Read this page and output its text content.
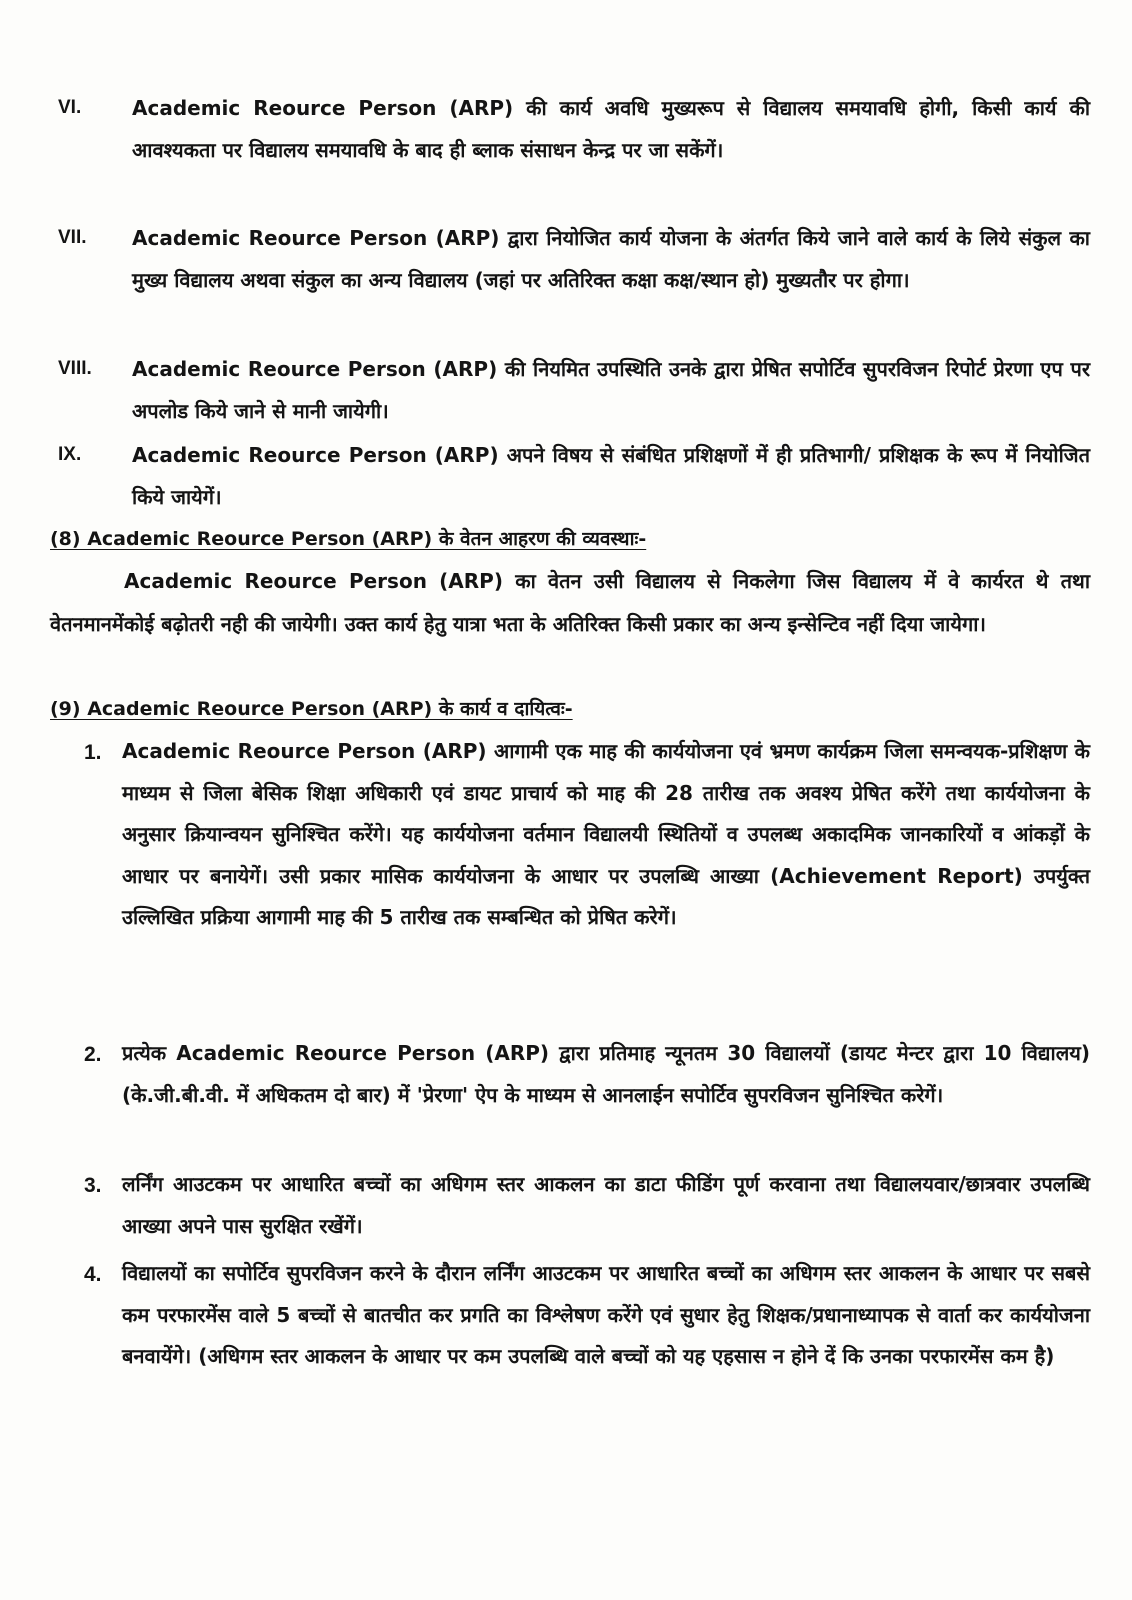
VI.	Academic Reource Person (ARP) की कार्य अवधि मुख्यरूप से विद्यालय समयावधि होगी, किसी कार्य की आवश्यकता पर विद्यालय समयावधि के बाद ही ब्लाक संसाधन केन्द्र पर जा सकेंगें।
VII.	Academic Reource Person (ARP) द्वारा नियोजित कार्य योजना के अंतर्गत किये जाने वाले कार्य के लिये संकुल का मुख्य विद्यालय अथवा संकुल का अन्य विद्यालय (जहां पर अतिरिक्त कक्षा कक्ष/स्थान हो) मुख्यतौर पर होगा।
VIII.	Academic Reource Person (ARP) की नियमित उपस्थिति उनके द्वारा प्रेषित सपोर्टिव सुपरविजन रिपोर्ट प्रेरणा एप पर अपलोड किये जाने से मानी जायेगी।
IX.	Academic Reource Person (ARP) अपने विषय से संबंधित प्रशिक्षणों में ही प्रतिभागी/ प्रशिक्षक के रूप में नियोजित किये जायेगें।
(8) Academic Reource Person (ARP) के वेतन आहरण की व्यवस्थाः-
Academic Reource Person (ARP) का वेतन उसी विद्यालय से निकलेगा जिस विद्यालय में वे कार्यरत थे तथा वेतनमानमेंकोई बढ़ोतरी नही की जायेगी। उक्त कार्य हेतु यात्रा भता के अतिरिक्त किसी प्रकार का अन्य इन्सेन्टिव नहीं दिया जायेगा।
(9) Academic Reource Person (ARP) के कार्य व दायित्वः-
1.	Academic Reource Person (ARP) आगामी एक माह की कार्ययोजना एवं भ्रमण कार्यक्रम जिला समन्वयक-प्रशिक्षण के माध्यम से जिला बेसिक शिक्षा अधिकारी एवं डायट प्राचार्य को माह की 28 तारीख तक अवश्य प्रेषित करेंगे तथा कार्ययोजना के अनुसार क्रियान्वयन सुनिश्चित करेंगे। यह कार्ययोजना वर्तमान विद्यालयी स्थितियों व उपलब्ध अकादमिक जानकारियों व आंकड़ों के आधार पर बनायेगें। उसी प्रकार मासिक कार्ययोजना के आधार पर उपलब्धि आख्या (Achievement Report) उपर्युक्त उल्लिखित प्रक्रिया आगामी माह की 5 तारीख तक सम्बन्धित को प्रेषित करेगें।
2.	प्रत्येक Academic Reource Person (ARP) द्वारा प्रतिमाह न्यूनतम 30 विद्यालयों (डायट मेन्टर द्वारा 10 विद्यालय) (के.जी.बी.वी. में अधिकतम दो बार) में 'प्रेरणा' ऐप के माध्यम से आनलाईन सपोर्टिव सुपरविजन सुनिश्चित करेगें।
3.	लर्निंग आउटकम पर आधारित बच्चों का अधिगम स्तर आकलन का डाटा फीडिंग पूर्ण करवाना तथा विद्यालयवार/छात्रवार उपलब्धि आख्या अपने पास सुरक्षित रखेंगें।
4.	विद्यालयों का सपोर्टिव सुपरविजन करने के दौरान लर्निंग आउटकम पर आधारित बच्चों का अधिगम स्तर आकलन के आधार पर सबसे कम परफारमेंस वाले 5 बच्चों से बातचीत कर प्रगति का विश्लेषण करेंगे एवं सुधार हेतु शिक्षक/प्रधानाध्यापक से वार्ता कर कार्ययोजना बनवायेंगे। (अधिगम स्तर आकलन के आधार पर कम उपलब्धि वाले बच्चों को यह एहसास न होने दें कि उनका परफारमेंस कम है)
